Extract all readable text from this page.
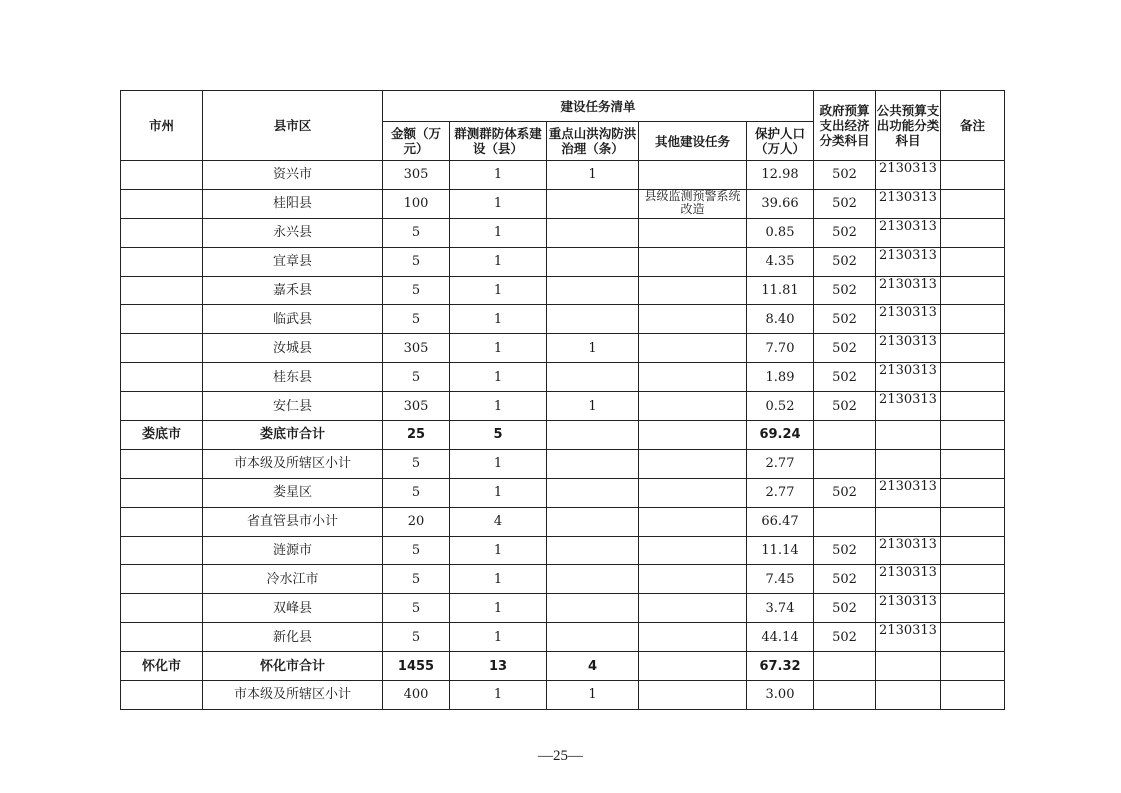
市州	县市区	建设任务清单					政府预算支出经济分类科目	公共预算支出功能分类科目	备注
		金额（万元）	群测群防体系建设（县）	重点山洪沟防洪治理（条）	其他建设任务	保护人口（万人）			
	资兴市	305	1	1		12.98	502	2130313	
	桂阳县	100	1		县级监测预警系统改造	39.66	502	2130313	
	永兴县	5	1			0.85	502	2130313	
	宜章县	5	1			4.35	502	2130313	
	嘉禾县	5	1			11.81	502	2130313	
	临武县	5	1			8.40	502	2130313	
	汝城县	305	1	1		7.70	502	2130313	
	桂东县	5	1			1.89	502	2130313	
	安仁县	305	1	1		0.52	502	2130313	
娄底市	娄底市合计	25	5			69.24			
	市本级及所辖区小计	5	1			2.77			
	娄星区	5	1			2.77	502	2130313	
	省直管县市小计	20	4			66.47			
	涟源市	5	1			11.14	502	2130313	
	冷水江市	5	1			7.45	502	2130313	
	双峰县	5	1			3.74	502	2130313	
	新化县	5	1			44.14	502	2130313	
怀化市	怀化市合计	1455	13	4		67.32			
	市本级及所辖区小计	400	1	1		3.00			
—25—
